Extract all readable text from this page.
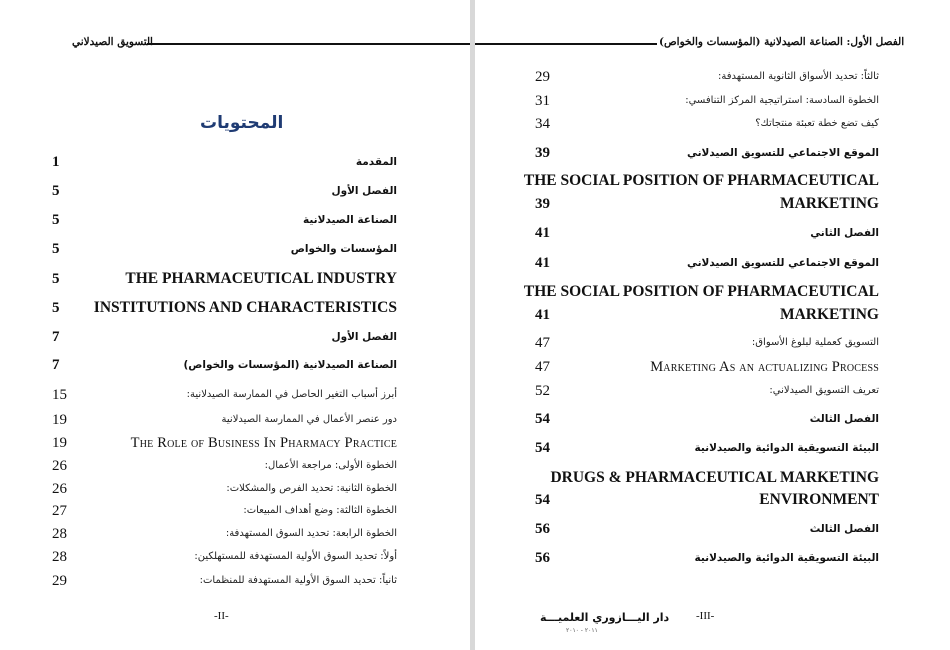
التسويق الصيدلاني
المحتويات
1	المقدمة
5	الفصل الأول
5	الصناعة الصيدلانية
5	المؤسسات والخواص
5	THE PHARMACEUTICAL INDUSTRY
5 INSTITUTIONS AND CHARACTERISTICS
7	الفصل الأول
7	الصناعة الصيدلانية (المؤسسات والخواص)
15	أبرز أسباب التغير الحاصل في الممارسة الصيدلانية:
19	دور عنصر الأعمال في الممارسة الصيدلانية
19	The Role of Business In Pharmacy Practice
26	الخطوة الأولى: مراجعة الأعمال:
26	الخطوة الثانية: تحديد الفرص والمشكلات:
27	الخطوة الثالثة: وضع أهداف المبيعات:
28	الخطوة الرابعة: تحديد السوق المستهدفة:
28	أولاً: تحديد السوق الأولية المستهدفة للمستهلكين:
29	ثانياً: تحديد السوق الأولية المستهدفة للمنظمات:
-II-
الفصل الأول: الصناعة الصيدلانية (المؤسسات والخواص)
29	ثالثاً: تحديد الأسواق الثانوية المستهدفة:
31	الخطوة السادسة: استراتيجية المركز التنافسي:
34	كيف تضع خطة تعبئة منتجاتك؟
39	الموقع الاجتماعي للتسويق الصيدلاني
THE SOCIAL POSITION OF PHARMACEUTICAL
39	MARKETING
41	الفصل الثاني
41	الموقع الاجتماعي للتسويق الصيدلاني
THE SOCIAL POSITION OF PHARMACEUTICAL
41	MARKETING
47	التسويق كعملية لبلوغ الأسواق:
47	Marketing As an actualizing Process
52	تعريف التسويق الصيدلاني:
54	الفصل الثالث
54	البيئة التسويقية الدوائية والصيدلانية
DRUGS & PHARMACEUTICAL MARKETING
54	ENVIRONMENT
56	الفصل الثالث
56	البيئة التسويقية الدوائية والصيدلانية
-III-
دار اليـــازوري العلميـــة
٢٠١١ - ٢٠١٠
